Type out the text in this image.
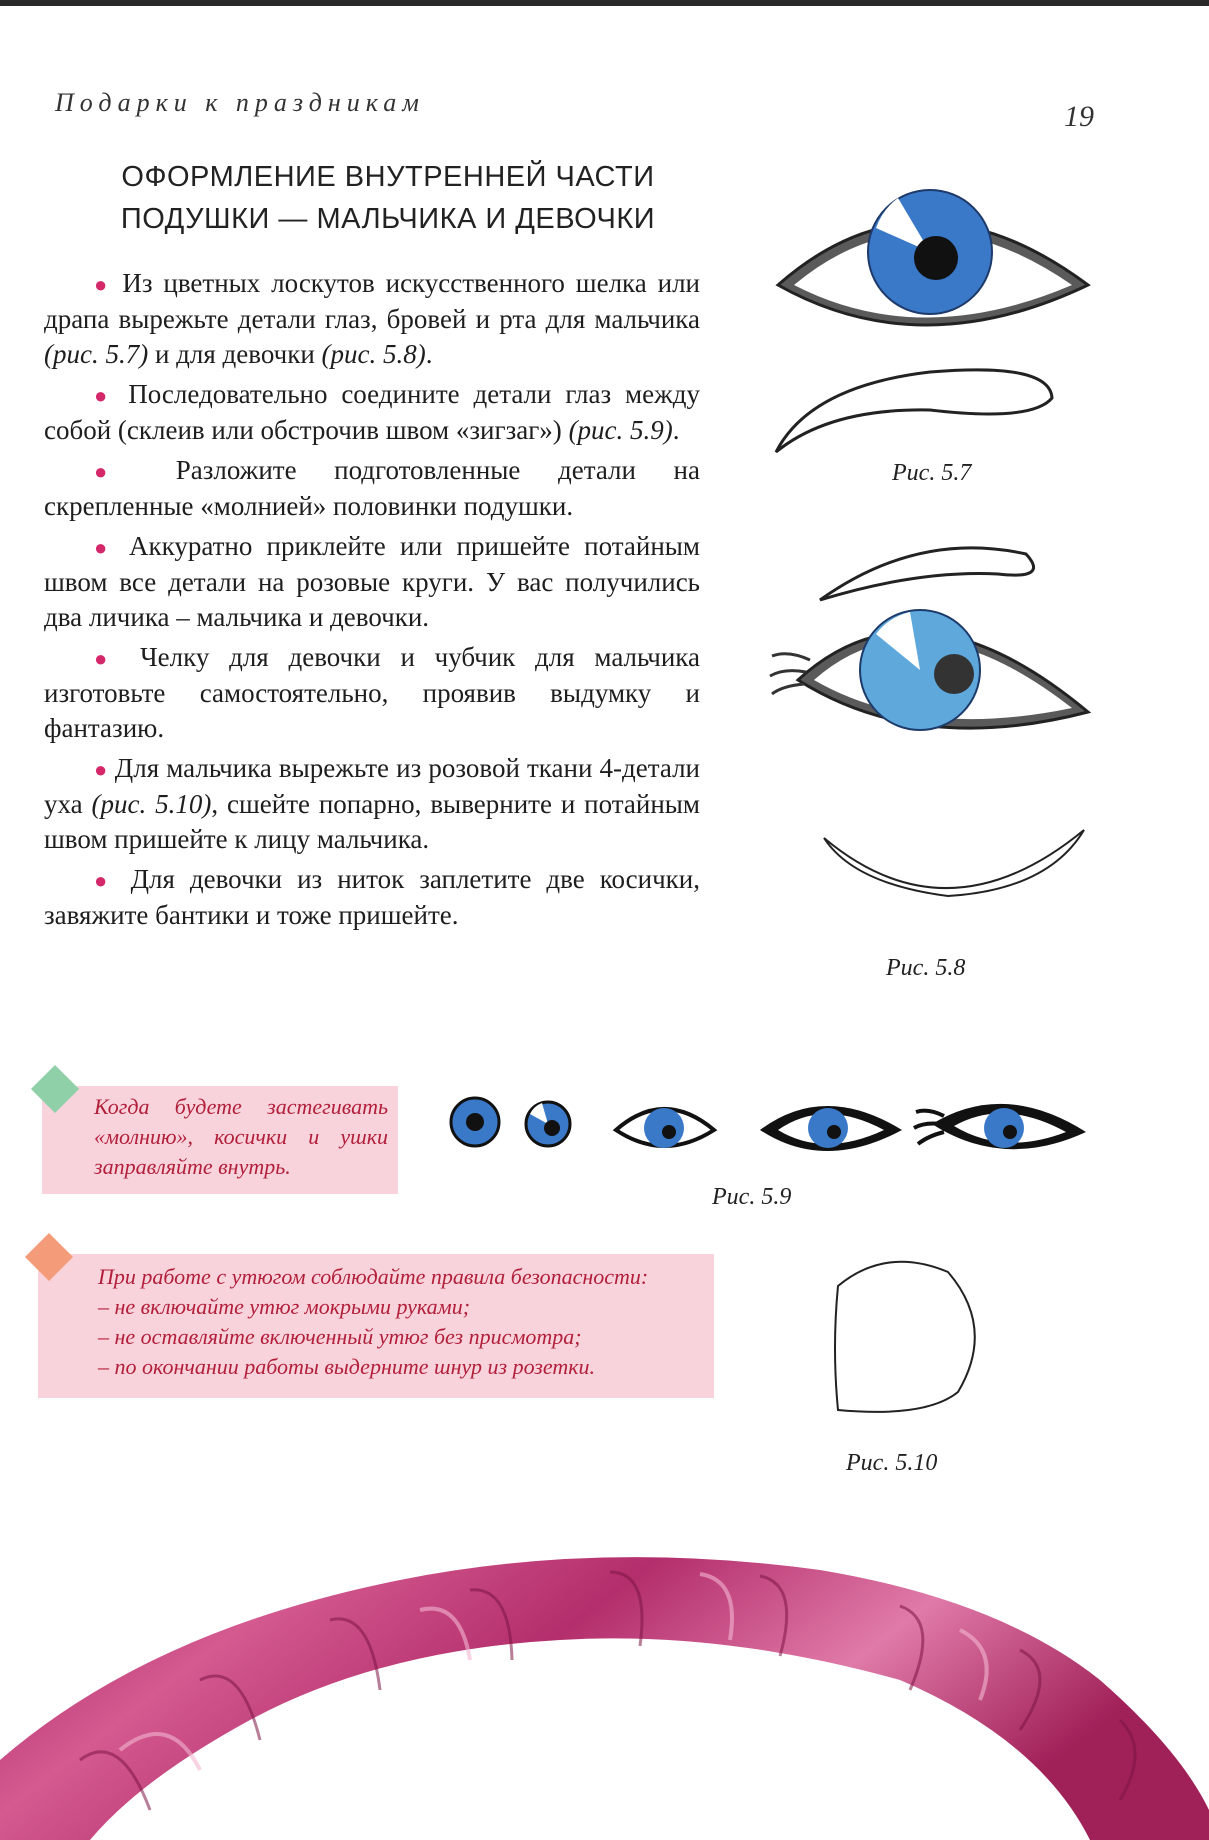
Подарки к праздникам	19
ОФОРМЛЕНИЕ ВНУТРЕННЕЙ ЧАСТИ
ПОДУШКИ — МАЛЬЧИКА И ДЕВОЧКИ

● Из цветных лоскутов искусственного шелка или драпа вырежьте детали глаз, бровей и рта для мальчика (рис. 5.7) и для девочки (рис. 5.8).

● Последовательно соедините детали глаз между собой (склеив или обстрочив швом «зигзаг») (рис. 5.9).

● Разложите подготовленные детали на скрепленные «молнией» половинки подушки.

● Аккуратно приклейте или пришейте потайным швом все детали на розовые круги. У вас получились два личика – мальчика и девочки.

● Челку для девочки и чубчик для мальчика изготовьте самостоятельно, проявив выдумку и фантазию.

● Для мальчика вырежьте из розовой ткани 4-детали уха (рис. 5.10), сшейте попарно, выверните и потайным швом пришейте к лицу мальчика.

● Для девочки из ниток заплетите две косички, завяжите бантики и тоже пришейте.

Рис. 5.7
Рис. 5.8
Когда будете застегивать «молнию», косички и ушки заправляйте внутрь.
Рис. 5.9
При работе с утюгом соблюдайте правила безопасности:
– не включайте утюг мокрыми руками;
– не оставляйте включенный утюг без присмотра;
– по окончании работы выдерните шнур из розетки.
Рис. 5.10
